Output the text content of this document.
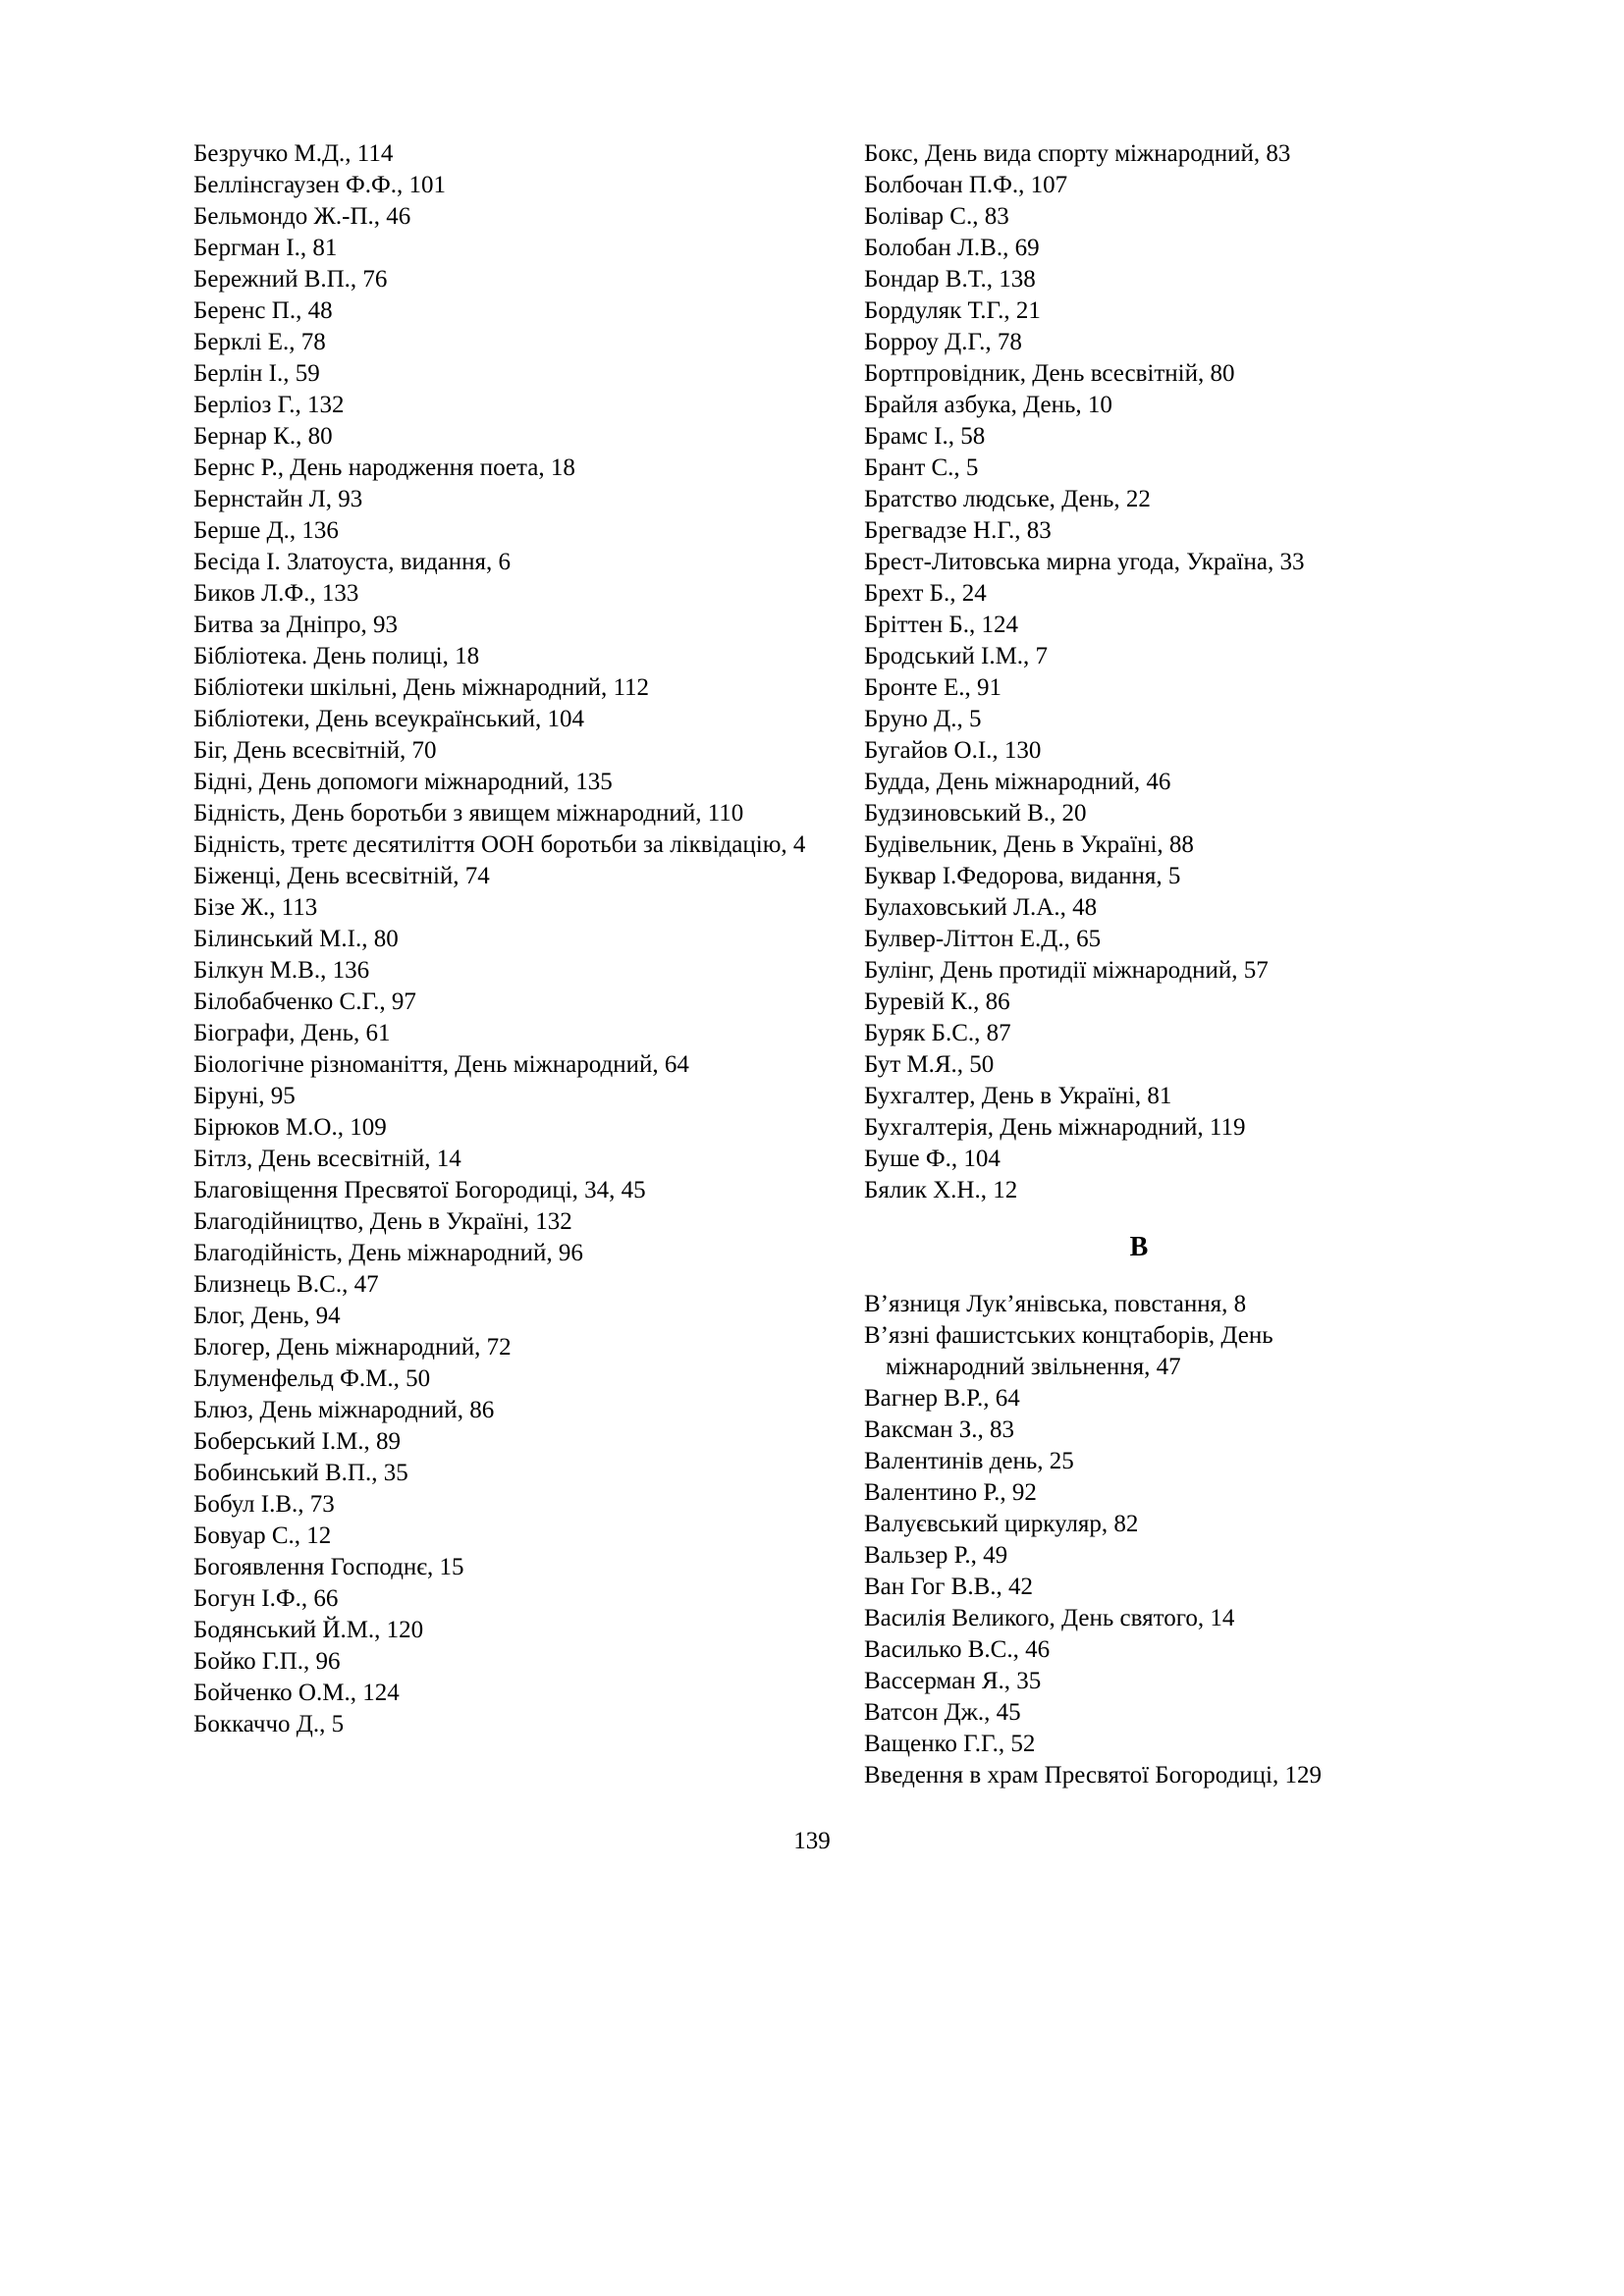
Безручко М.Д., 114
Беллінсгаузен Ф.Ф., 101
Бельмондо Ж.-П., 46
Бергман І., 81
Бережний В.П., 76
Беренс П., 48
Берклі Е., 78
Берлін І., 59
Берліоз Г., 132
Бернар К., 80
Бернс Р., День народження поета, 18
Бернстайн Л, 93
Берше Д., 136
Бесіда І. Златоуста, видання, 6
Биков Л.Ф., 133
Битва за Дніпро, 93
Бібліотека. День полиці, 18
Бібліотеки шкільні, День міжнародний, 112
Бібліотеки, День всеукраїнський, 104
Біг, День всесвітній, 70
Бідні, День допомоги міжнародний, 135
Бідність, День боротьби з явищем міжнародний, 110
Бідність, третє десятиліття ООН боротьби за ліквідацію, 4
Біженці, День всесвітній, 74
Бізе Ж., 113
Білинський М.І., 80
Білкун М.В., 136
Білобабченко С.Г., 97
Біографи, День, 61
Біологічне різноманіття, День міжнародний, 64
Біруні, 95
Бірюков М.О., 109
Бітлз, День всесвітній, 14
Благовіщення Пресвятої Богородиці, 34, 45
Благодійництво, День в Україні, 132
Благодійність, День міжнародний, 96
Близнець В.С., 47
Блог, День, 94
Блогер, День міжнародний, 72
Блуменфельд Ф.М., 50
Блюз, День міжнародний, 86
Боберський І.М., 89
Бобинський В.П., 35
Бобул І.В., 73
Бовуар С., 12
Богоявлення Господнє, 15
Богун І.Ф., 66
Бодянський Й.М., 120
Бойко Г.П., 96
Бойченко О.М., 124
Боккаччо Д., 5
Бокс, День вида спорту міжнародний, 83
Болбочан П.Ф., 107
Болівар С., 83
Болобан Л.В., 69
Бондар В.Т., 138
Бордуляк Т.Г., 21
Борроу Д.Г., 78
Бортпровідник, День всесвітній, 80
Брайля азбука, День, 10
Брамс І., 58
Брант С., 5
Братство людське, День, 22
Брегвадзе Н.Г., 83
Брест-Литовська мирна угода, Україна, 33
Брехт Б., 24
Бріттен Б., 124
Бродський І.М., 7
Бронте Е., 91
Бруно Д., 5
Бугайов О.І., 130
Будда, День міжнародний, 46
Будзиновський В., 20
Будівельник, День в Україні, 88
Буквар І.Федорова, видання, 5
Булаховський Л.А., 48
Булвер-Літтон Е.Д., 65
Булінг, День протидії міжнародний, 57
Буревій К., 86
Буряк Б.С., 87
Бут М.Я., 50
Бухгалтер, День в Україні, 81
Бухгалтерія, День міжнародний, 119
Буше Ф., 104
Бялик Х.Н., 12
В
В’язниця Лук’янівська, повстання, 8
В’язні фашистських концтаборів, День міжнародний звільнення, 47
Вагнер В.Р., 64
Ваксман З., 83
Валентинів день, 25
Валентино Р., 92
Валуєвський циркуляр, 82
Вальзер Р., 49
Ван Гог В.В., 42
Василія Великого, День святого, 14
Василько В.С., 46
Вассерман Я., 35
Ватсон Дж., 45
Ващенко Г.Г., 52
Введення в храм Пресвятої Богородиці, 129
139
